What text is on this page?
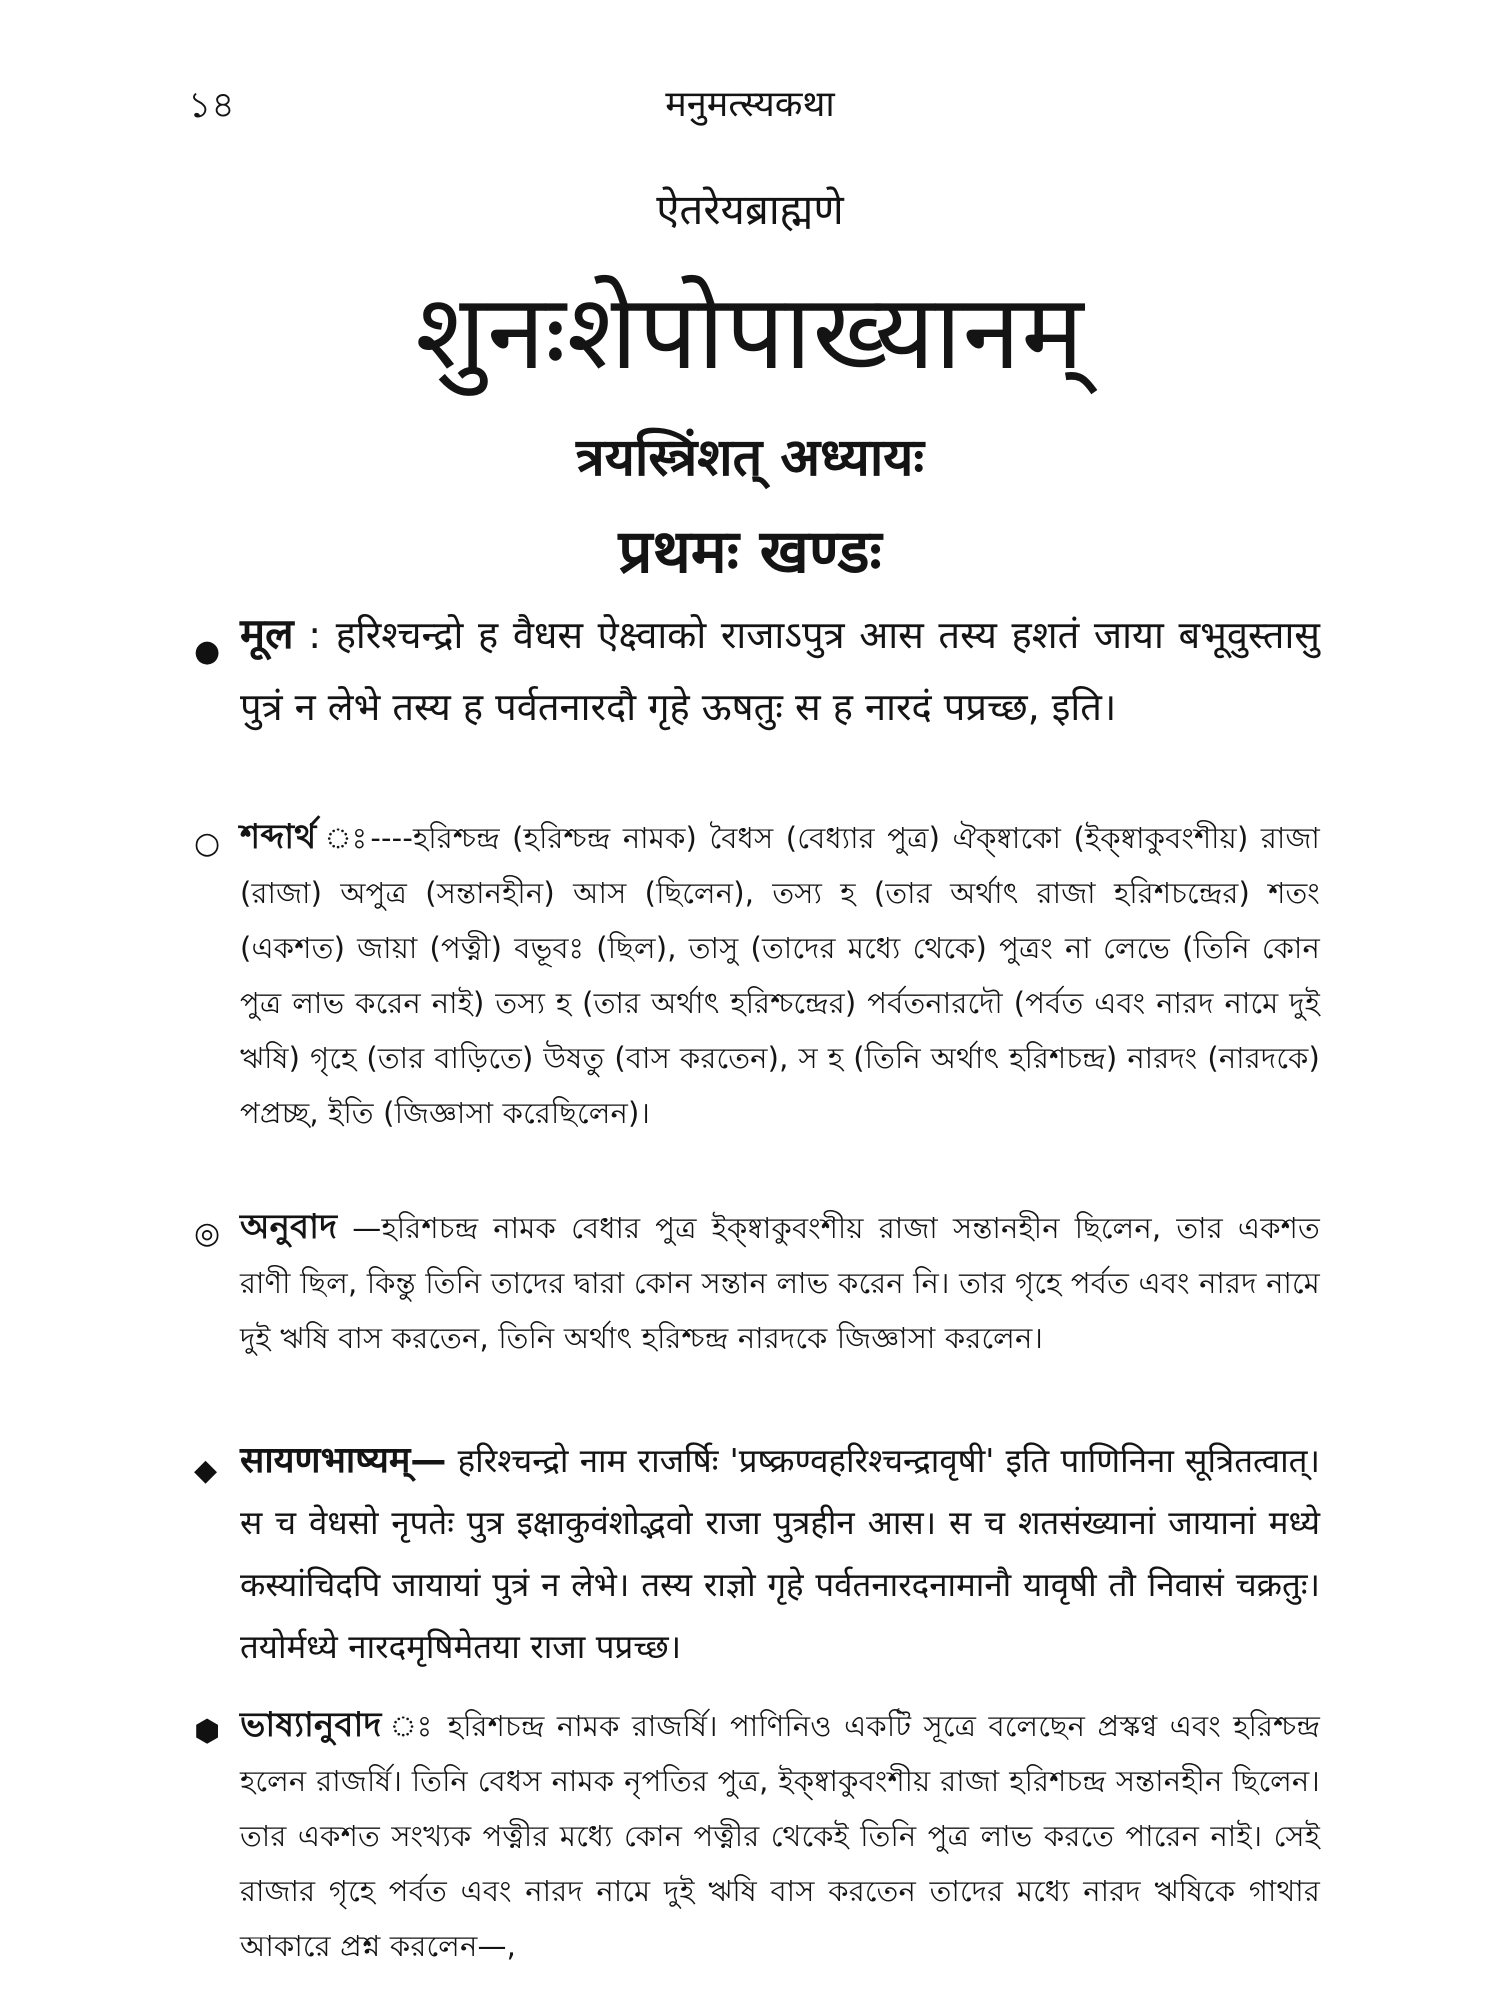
১৪	मनुमत्स्यकथा
ऐतरेयब्राह्मणे
शुनःशेपोपाख्यानम्
त्रयस्त्रिंशत् अध्यायः
प्रथमः खण्डः
● मूल : हरिश्चन्द्रो ह वैधस ऐक्ष्वाको राजाऽपुत्र आस तस्य हशतं जाया बभूवुस्तासु पुत्रं न लेभे तस्य ह पर्वतनारदौ गृहे ऊषतुः स ह नारदं पप्रच्छ, इति।
○ শব্দার্থ ঃ----হরিশ্চন্দ্র (হরিশ্চন্দ্র নামক) বৈধস (বেধ্যার পুত্র) ঐক্ষ্বাকো (ইক্ষ্বাকুবংশীয়) রাজা (রাজা) অপুত্র (সন্তানহীন) আস (ছিলেন), তস্য হ (তার অর্থাৎ রাজা হরিশচন্দ্রের) শতং (একশত) জায়া (পত্নী) বভূবঃ (ছিল), তাসু (তাদের মধ্যে থেকে) পুত্রং না লেভে (তিনি কোন পুত্র লাভ করেন নাই) তস্য হ (তার অর্থাৎ হরিশ্চন্দ্রের) পর্বতনারদৌ (পর্বত এবং নারদ নামে দুই ঋষি) গৃহে (তার বাড়িতে) উষতু (বাস করতেন), স হ (তিনি অর্থাৎ হরিশচন্দ্র) নারদং (নারদকে) পপ্রচ্ছ, ইতি (জিজ্ঞাসা করেছিলেন)।
◎ অনুবাদ —হরিশচন্দ্র নামক বেধার পুত্র ইক্ষ্বাকুবংশীয় রাজা সন্তানহীন ছিলেন, তার একশত রাণী ছিল, কিন্তু তিনি তাদের দ্বারা কোন সন্তান লাভ করেন নি। তার গৃহে পর্বত এবং নারদ নামে দুই ঋষি বাস করতেন, তিনি অর্থাৎ হরিশ্চন্দ্র নারদকে জিজ্ঞাসা করলেন।
◆ सायणभाष्यम्— हरिश्चन्द्रो नाम राजर्षिः 'प्रष्क्रण्वहरिश्चन्द्रावृषी' इति पाणिनिना सूत्रितत्वात्। स च वेधसो नृपतेः पुत्र इक्षाकुवंशोद्भवो राजा पुत्रहीन आस। स च शतसंख्यानां जायानां मध्ये कस्यांचिदपि जायायां पुत्रं न लेभे। तस्य राज्ञो गृहे पर्वतनारदनामानौ यावृषी तौ निवासं चक्रतुः। तयोर्मध्ये नारदमृषिमेतया राजा पप्रच्छ।
⬢ ভাষ্যানুবাদ ঃ হরিশচন্দ্র নামক রাজর্ষি। পাণিনিও একটি সূত্রে বলেছেন প্রস্কণ্ব এবং হরিশ্চন্দ্র হলেন রাজর্ষি। তিনি বেধস নামক নৃপতির পুত্র, ইক্ষ্বাকুবংশীয় রাজা হরিশচন্দ্র সন্তানহীন ছিলেন। তার একশত সংখ্যক পত্নীর মধ্যে কোন পত্নীর থেকেই তিনি পুত্র লাভ করতে পারেন নাই। সেই রাজার গৃহে পর্বত এবং নারদ নামে দুই ঋষি বাস করতেন তাদের মধ্যে নারদ ঋষিকে গাথার আকারে প্রশ্ন করলেন—,
